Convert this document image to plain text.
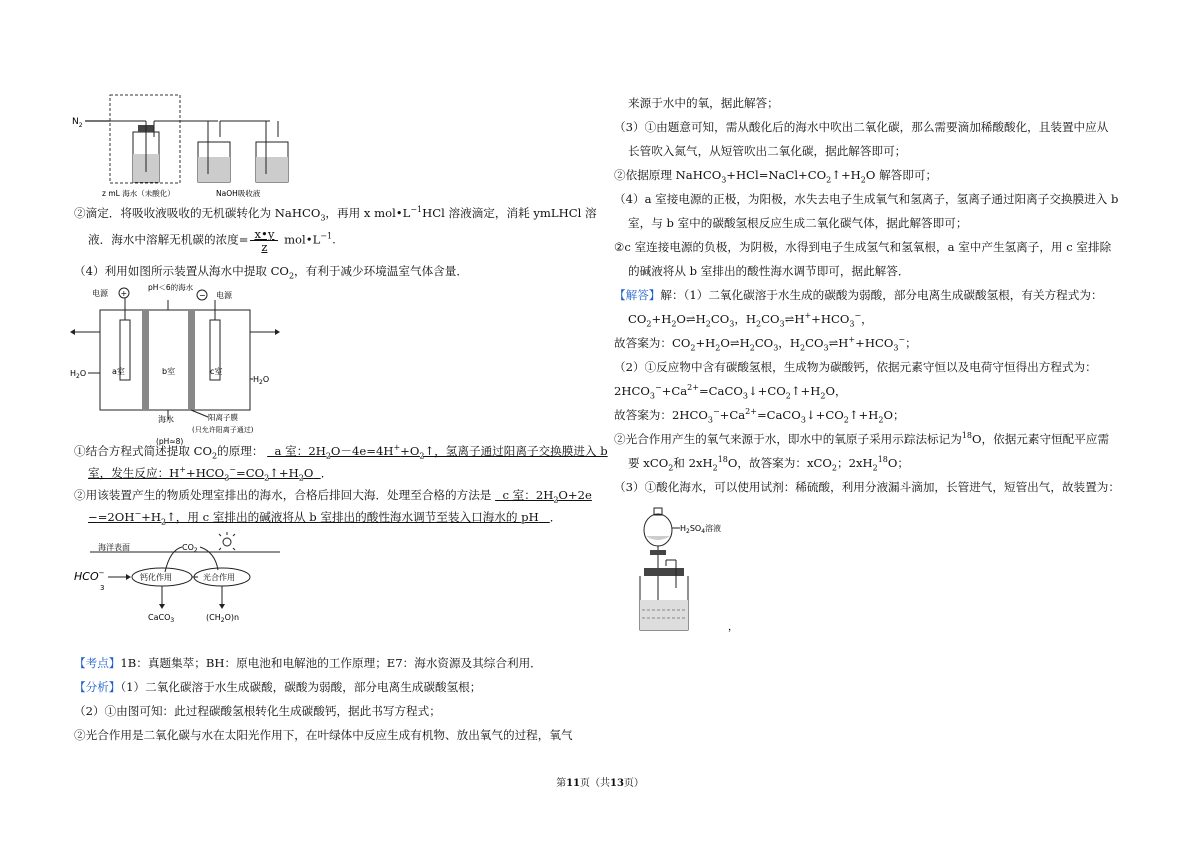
$N_2$
z mL 海水（未酸化）	NaOH吸收液
②滴定．将吸收液吸收的无机碳转化为 NaHCO$_3$，再用 x $mol•L^{-1}HCl$ 溶液滴定，消耗 ymLHCl 溶
液．海水中溶解无机碳的浓度= $\frac{x•y}{z}$ $mol•L^{-1}$.
（4）利用如图所示装置从海水中提取 $CO_2$，有利于减少环境温室气体含量．
电源 +
pH＜6的海水
− 电源
$H_2O$
$H_2O$
a室	b室	c室
海水
(pH≈8)
阳离子膜
(只允许阳离子通过)
①结合方程式简述提取 $CO_2$的原理： a 室：$2H_2O-4e=4H^++O_2↑$，氢离子通过阳离子交换膜进入 b
室，发生反应：$H^++HCO_3^-=CO_2↑+H_2O$ ．
②用该装置产生的物质处理室排出的海水，合格后排回大海．处理至合格的方法是 c 室：$2H_2O+2e$
$-=2OH^-+H_2↑$，用 c 室排出的碱液将从 b 室排出的酸性海水调节至装入口海水的 pH ．
海洋表面	$CO_2$
HCO−
3
钙化作用	光合作用
CaCO$_3$	$(CH_2O)n$
【考点】1B：真题集萃；BH：原电池和电解池的工作原理；E7：海水资源及其综合利用．
【分析】（1）二氧化碳溶于水生成碳酸，碳酸为弱酸，部分电离生成碳酸氢根；
（2）①由图可知：此过程碳酸氢根转化生成碳酸钙，据此书写方程式；
②光合作用是二氧化碳与水在太阳光作用下，在叶绿体中反应生成有机物、放出氧气的过程，氧气
来源于水中的氧，据此解答；
（3）①由题意可知，需从酸化后的海水中吹出二氧化碳，那么需要滴加稀酸酸化，且装置中应从
长管吹入氮气，从短管吹出二氧化碳，据此解答即可；
②依据原理 $NaHCO_3+HCl=NaCl+CO_2↑+H_2O$ 解答即可；
（4）a 室接电源的正极，为阳极，水失去电子生成氧气和氢离子，氢离子通过阳离子交换膜进入 b
室，与 b 室中的碳酸氢根反应生成二氧化碳气体，据此解答即可；
②c 室连接电源的负极，为阴极，水得到电子生成氢气和氢氧根，a 室中产生氢离子，用 c 室排除
的碱液将从 b 室排出的酸性海水调节即可，据此解答．
【解答】解：（1）二氧化碳溶于水生成的碳酸为弱酸，部分电离生成碳酸氢根，有关方程式为：
$CO_2+H_2O\rightleftharpoons H_2CO_3$，$H_2CO_3\rightleftharpoons H^++HCO_3^-$，
故答案为：$CO_2+H_2O\rightleftharpoons H_2CO_3$，$H_2CO_3\rightleftharpoons H^++HCO_3^-$；
（2）①反应物中含有碳酸氢根，生成物为碳酸钙，依据元素守恒以及电荷守恒得出方程式为：
$2HCO_3^-+Ca^{2+}=CaCO_3↓+CO_2↑+H_2O$，
故答案为：$2HCO_3^-+Ca^{2+}=CaCO_3↓+CO_2↑+H_2O$；
②光合作用产生的氧气来源于水，即水中的氧原子采用示踪法标记为$^{18}$O，依据元素守恒配平应需
要 xCO$_2$和 $2xH_2^{18}O$，故答案为：xCO$_2$；$2xH_2^{18}O$；
（3）①酸化海水，可以使用试剂：稀硫酸，利用分液漏斗滴加，长管进气，短管出气，故装置为：
$H_2SO_4$溶液
，
第11页（共13页）
